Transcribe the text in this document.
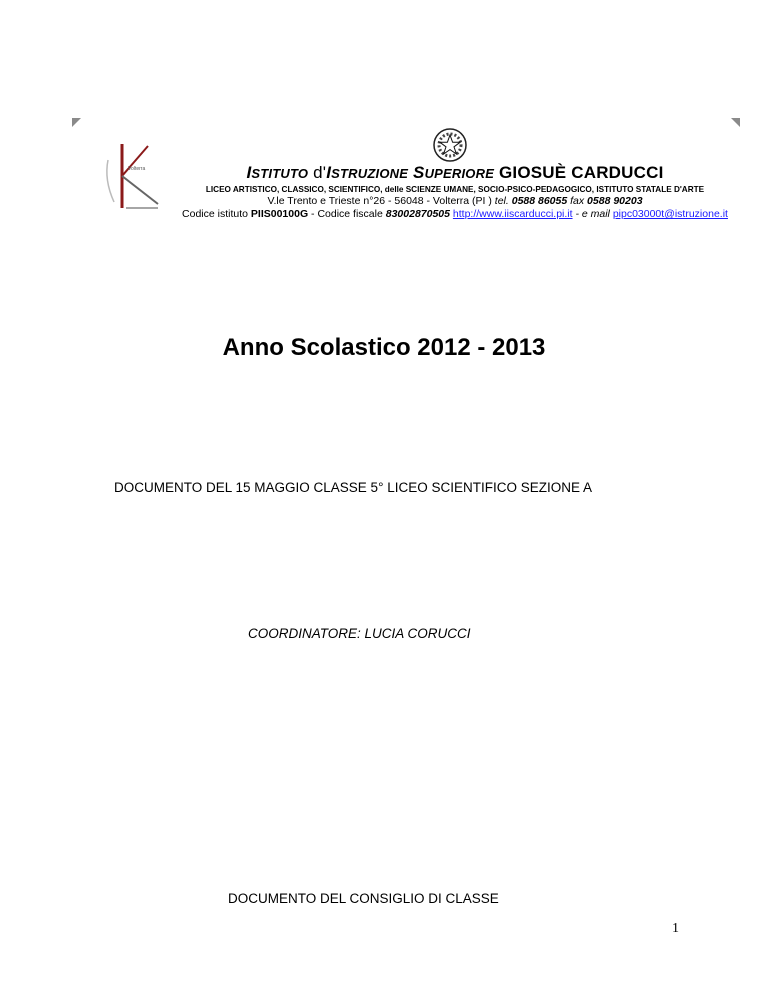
Volterra	ISTITUTO d'ISTRUZIONE SUPERIORE GIOSUÈ CARDUCCI
LICEO ARTISTICO, CLASSICO, SCIENTIFICO, delle SCIENZE UMANE, SOCIO-PSICO-PEDAGOGICO, ISTITUTO STATALE D'ARTE
V.le Trento e Trieste n°26 - 56048 - Volterra (PI ) tel. 0588 86055 fax 0588 90203
Codice istituto PIIS00100G - Codice fiscale 83002870505 http://www.iiscarducci.pi.it - e mail pipc03000t@istruzione.it
Anno Scolastico 2012 - 2013
DOCUMENTO DEL 15 MAGGIO CLASSE 5° LICEO SCIENTIFICO SEZIONE A
COORDINATORE: LUCIA CORUCCI
DOCUMENTO DEL CONSIGLIO DI CLASSE
1
